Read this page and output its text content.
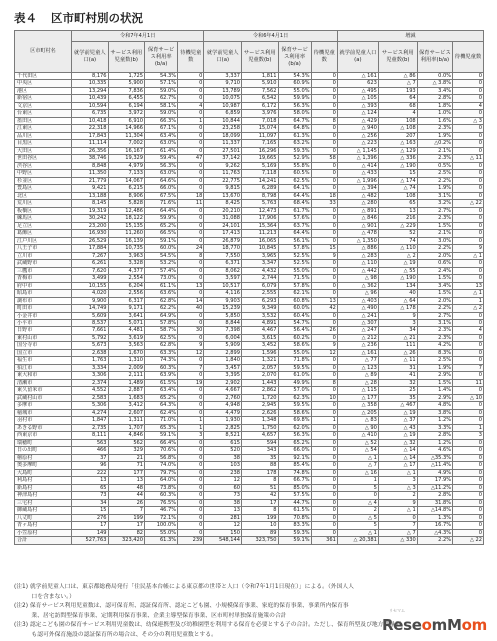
表４ 区市町村別の状況
区市町村名	令和7年4月1日				令和6年4月1日				増減			
	就学前児童人口(a)	サービス利用児童数(b)	保育サービス利用率(b/a)	待機児童数	就学前児童人口(a)	サービス利用児童数(b)	保育サービス利用率(b/a)	待機児童数	就学前児童人口(a)	サービス利用児童数(b)	保育サービス利用率(b/a)	待機児童数
千代田区	8,176	1,725	54.3%	0	3,337	1,811	54.3%	0	△ 161	△ 86	0.0%	0
中央区	10,335	5,900	57.1%	0	9,710	5,910	60.9%	0	623	△ 7	△ 3.8%	0
港区	13,294	7,836	59.0%	0	13,789	7,562	55.0%	0	△ 495	193	3.4%	0
新宿区	10,439	6,455	62.7%	0	10,075	6,542	59.9%	0	△ 105	64	2.8%	0
文京区	10,594	6,194	58.1%	4	10,987	6,172	56.3%	0	△ 393	68	1.8%	4
台東区	6,735	3,972	59.0%	0	6,859	3,976	58.0%	0	△ 124	4	1.0%	0
墨田区	10,418	6,910	66.3%	1	10,844	7,018	64.7%	8	△ 429	108	1.6%	△ 3
江東区	22,318	14,966	67.1%	0	23,258	15,074	64.8%	0	△ 940	△ 108	2.3%	0
品川区	17,843	11,304	63.4%	0	18,099	11,097	61.3%	0	△ 256	207	1.9%	0
目黒区	11,114	7,002	63.0%	0	11,337	7,165	63.2%	0	△ 223	△ 163	△0.2%	0
大田区	26,356	16,167	61.4%	0	27,501	16,296	59.3%	0	△ 1,145	△ 129	2.1%	0
世田谷区	38,746	19,329	59.4%	47	37,142	19,665	52.9%	58	△ 1,396	△ 336	2.3%	△ 11
渋谷区	8,848	4,979	56.3%	0	9,262	5,169	55.8%	0	△ 414	△ 190	0.5%	0
中野区	11,350	7,133	63.0%	0	11,763	7,118	60.5%	0	△ 433	15	2.5%	0
杉並区	21,779	14,067	64.6%	0	22,775	14,241	62.5%	0	△ 1,996	△ 174	2.2%	0
豊島区	9,421	6,215	66.0%	0	9,815	6,289	64.1%	0	△ 394	△ 74	1.9%	0
北区	13,188	8,906	67.5%	18	13,670	8,798	64.4%	18	△ 482	108	3.1%	0
荒川区	8,145	5,828	71.6%	11	8,425	5,763	68.4%	33	△ 280	65	3.2%	△ 22
板橋区	19,319	12,486	64.4%	0	20,210	12,473	61.7%	0	△ 891	13	2.7%	0
練馬区	30,242	18,122	59.9%	0	31,088	17,906	57.6%	0	△ 846	216	2.3%	0
足立区	23,200	15,135	65.2%	0	24,101	15,364	63.7%	0	△ 901	△ 229	1.5%	0
葛飾区	16,930	11,260	66.5%	0	17,413	11,213	64.4%	0	△ 478	52	2.1%	0
江戸川区	26,529	16,139	59.1%	0	26,879	16,065	56.1%	0	△ 1,350	74	3.0%	0
八王子市	17,884	10,735	60.0%	24	18,770	10,845	57.8%	15	△ 886	△ 110	2.2%	9
立川市	7,267	3,963	54.5%	8	7,550	3,965	52.5%	9	△ 283	△ 2	2.0%	△ 1
武蔵野市	6,261	3,328	53.2%	0	6,371	3,347	52.5%	0	△ 110	△ 19	0.6%	0
三鷹市	7,620	4,377	57.4%	0	8,062	4,432	55.0%	0	△ 442	△ 55	2.4%	0
青梅市	3,499	2,554	73.0%	0	3,597	2,744	71.5%	0	△ 98	△ 190	1.5%	0
府中市	10,155	6,204	61.1%	13	10,517	6,079	57.8%	0	△ 362	134	3.4%	13
昭島市	4,020	2,556	63.6%	0	4,116	2,555	62.1%	0	△ 96	40	1.5%	△ 1
調布市	9,900	6,317	62.8%	14	9,903	6,293	60.8%	13	△ 403	△ 64	2.0%	1
町田市	14,749	9,171	62.2%	40	15,239	9,349	60.0%	42	△ 490	△ 178	2.2%	△ 2
小金井市	5,609	3,641	64.9%	0	5,850	3,532	60.4%	0	△ 241	9	2.7%	0
小平市	8,537	5,071	57.8%	0	8,844	4,891	54.7%	0	△ 307	3	3.1%	0
日野市	7,661	4,481	58.7%	30	7,398	4,467	56.4%	26	△ 247	34	2.3%	4
東村山市	5,792	3,619	62.5%	0	6,004	3,615	60.2%	0	△ 212	△ 21	2.3%	0
国分寺市	5,673	3,563	62.8%	9	5,909	3,452	58.6%	9	△ 236	111	4.2%	0
国立市	2,638	1,670	63.3%	12	2,899	1,596	55.0%	12	△ 161	△ 26	8.3%	0
福生市	1,763	1,310	74.3%	0	1,840	1,321	71.8%	0	△ 77	△ 11	2.5%	0
狛江市	3,334	2,009	60.3%	7	3,457	2,057	59.5%	0	△ 123	31	1.9%	7
東大和市	3,306	2,111	63.9%	0	3,395	2,070	61.0%	0	△ 89	41	2.9%	0
清瀬市	2,374	1,489	61.5%	19	2,902	1,443	49.9%	8	△ 28	32	1.5%	11
東久留米市	4,552	2,887	63.4%	0	4,667	2,862	57.0%	0	△ 115	25	1.4%	0
武蔵村山市	2,583	1,683	65.2%	0	2,760	1,720	62.3%	10	△ 177	35	2.9%	△ 10
多摩市	5,306	3,412	64.3%	0	4,948	2,945	59.5%	0	△ 358	△ 467	4.8%	0
稲城市	4,274	2,607	62.4%	0	4,479	2,626	58.6%	0	△ 205	△ 19	3.8%	0
羽村市	1,847	1,311	71.0%	1	1,930	1,348	69.8%	1	△ 83	△ 37	1.2%	0
あきる野市	2,735	1,707	65.3%	1	2,825	1,750	62.0%	0	△ 90	△ 43	3.3%	1
西東京市	8,111	4,846	59.1%	3	8,521	4,657	56.3%	0	△ 410	△ 19	2.8%	3
瑞穂町	563	562	66.4%	0	615	594	65.2%	0	△ 52	△ 32	1.2%	0
日の出町	466	329	70.6%	0	520	343	66.0%	0	△ 54	△ 14	4.6%	0
檜原村	37	21	56.8%	0	38	35	92.1%	0	△ 1	△ 14	△35.3%	0
奥多摩町	96	71	74.0%	0	103	88	85.4%	0	△ 7	△ 17	△11.4%	0
大島町	222	177	79.7%	0	238	178	74.8%	0	△ 16	△ 1	4.9%	0
利島村	13	13	64.0%	0	12	8	66.7%	0	1	3	17.9%	0
新島村	65	48	73.8%	0	60	51	85.0%	0	5	△ 3	△11.2%	0
神津島村	73	44	60.3%	0	73	42	57.5%	0	0	2	2.8%	0
三宅村	34	26	76.5%	0	38	17	44.7%	0	△ 4	9	31.8%	0
御蔵島村	15	7	46.7%	0	13	8	61.5%	0	2	△ 1	△14.8%	0
八丈町	276	199	72.1%	0	281	199	70.8%	0	△ 5	0	1.3%	0
青ヶ島村	17	17	100.0%	0	12	10	83.3%	0	5	7	16.7%	0
小笠原村	149	82	55.0%	0	150	89	59.3%	0	△ 1	△ 7	△4.3%	0
合計	527,763	323,420	61.3%	239	548,144	323,750	59.1%	361	△ 20,381	△ 330	2.2%	△ 22
(注1) 就学前児童人口は、東京都総務局発行「住民基本台帳による東京都の世帯と人口（令和7年1月1日現在）」による。（外国人人
　　　口を含まない。）
(注2) 保育サービス利用児童数は、認可保育所、認証保育所、認定こども園、小規模保育事業、家庭的保育事業、事業所内保育事
　　　業、居宅訪問型保育事業、定期利用保育事業、企業主導型保育事業、区市町村単独保育施策の合計
(注3) 認定こども園の保育サービス利用児童数は、幼保連携型及び幼稚園型を利用する保育を必要とする子の合計。ただし、保育所型及び地方裁量型
　　　も認可外保育施設の認証保育所の場合は、その分の利用児童数とする。
リセマム
ReseomMom
